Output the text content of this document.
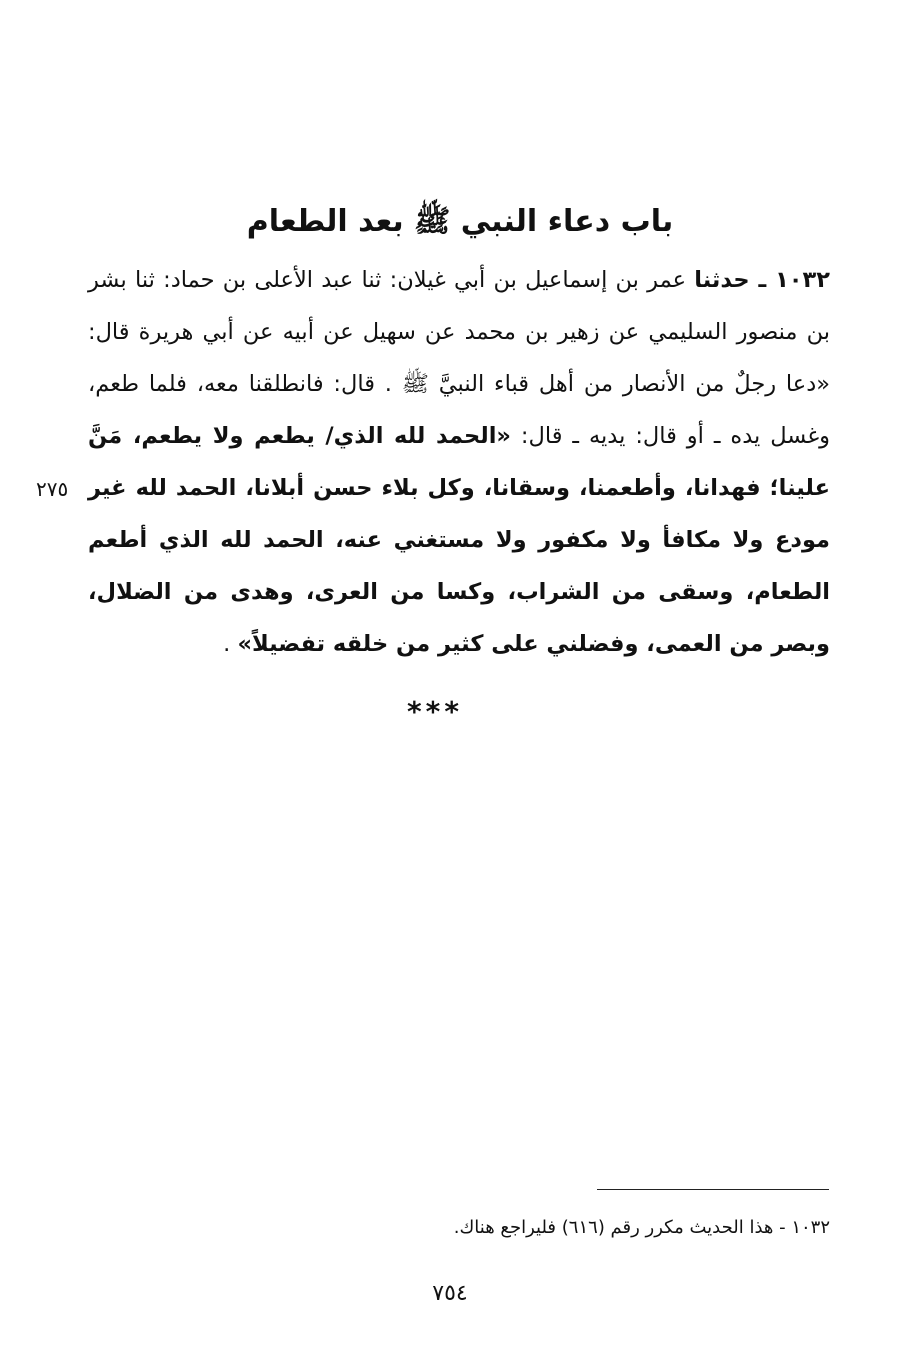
باب دعاء النبي ﷺ بعد الطعام

١٠٣٢ ـ حدثنا عمر بن إسماعيل بن أبي غيلان: ثنا عبد الأعلى بن حماد: ثنا بشر بن منصور السليمي عن زهير بن محمد عن سهيل عن أبيه عن أبي هريرة قال: «دعا رجلٌ من الأنصار من أهل قباء النبيَّ ﷺ . قال: فانطلقنا معه، فلما طعم، وغسل يده ـ أو قال: يديه ـ قال: «الحمد لله الذي/ يطعم ولا يطعم، مَنَّ علينا؛ فهدانا، وأطعمنا، وسقانا، وكل بلاء حسن أبلانا، الحمد لله غير مودع ولا مكافأ ولا مكفور ولا مستغني عنه، الحمد لله الذي أطعم الطعام، وسقى من الشراب، وكسا من العرى، وهدى من الضلال، وبصر من العمى، وفضلني على كثير من خلقه تفضيلاً» .

٢٧٥
***
١٠٣٢ - هذا الحديث مكرر رقم (٦١٦) فليراجع هناك.
٧٥٤
